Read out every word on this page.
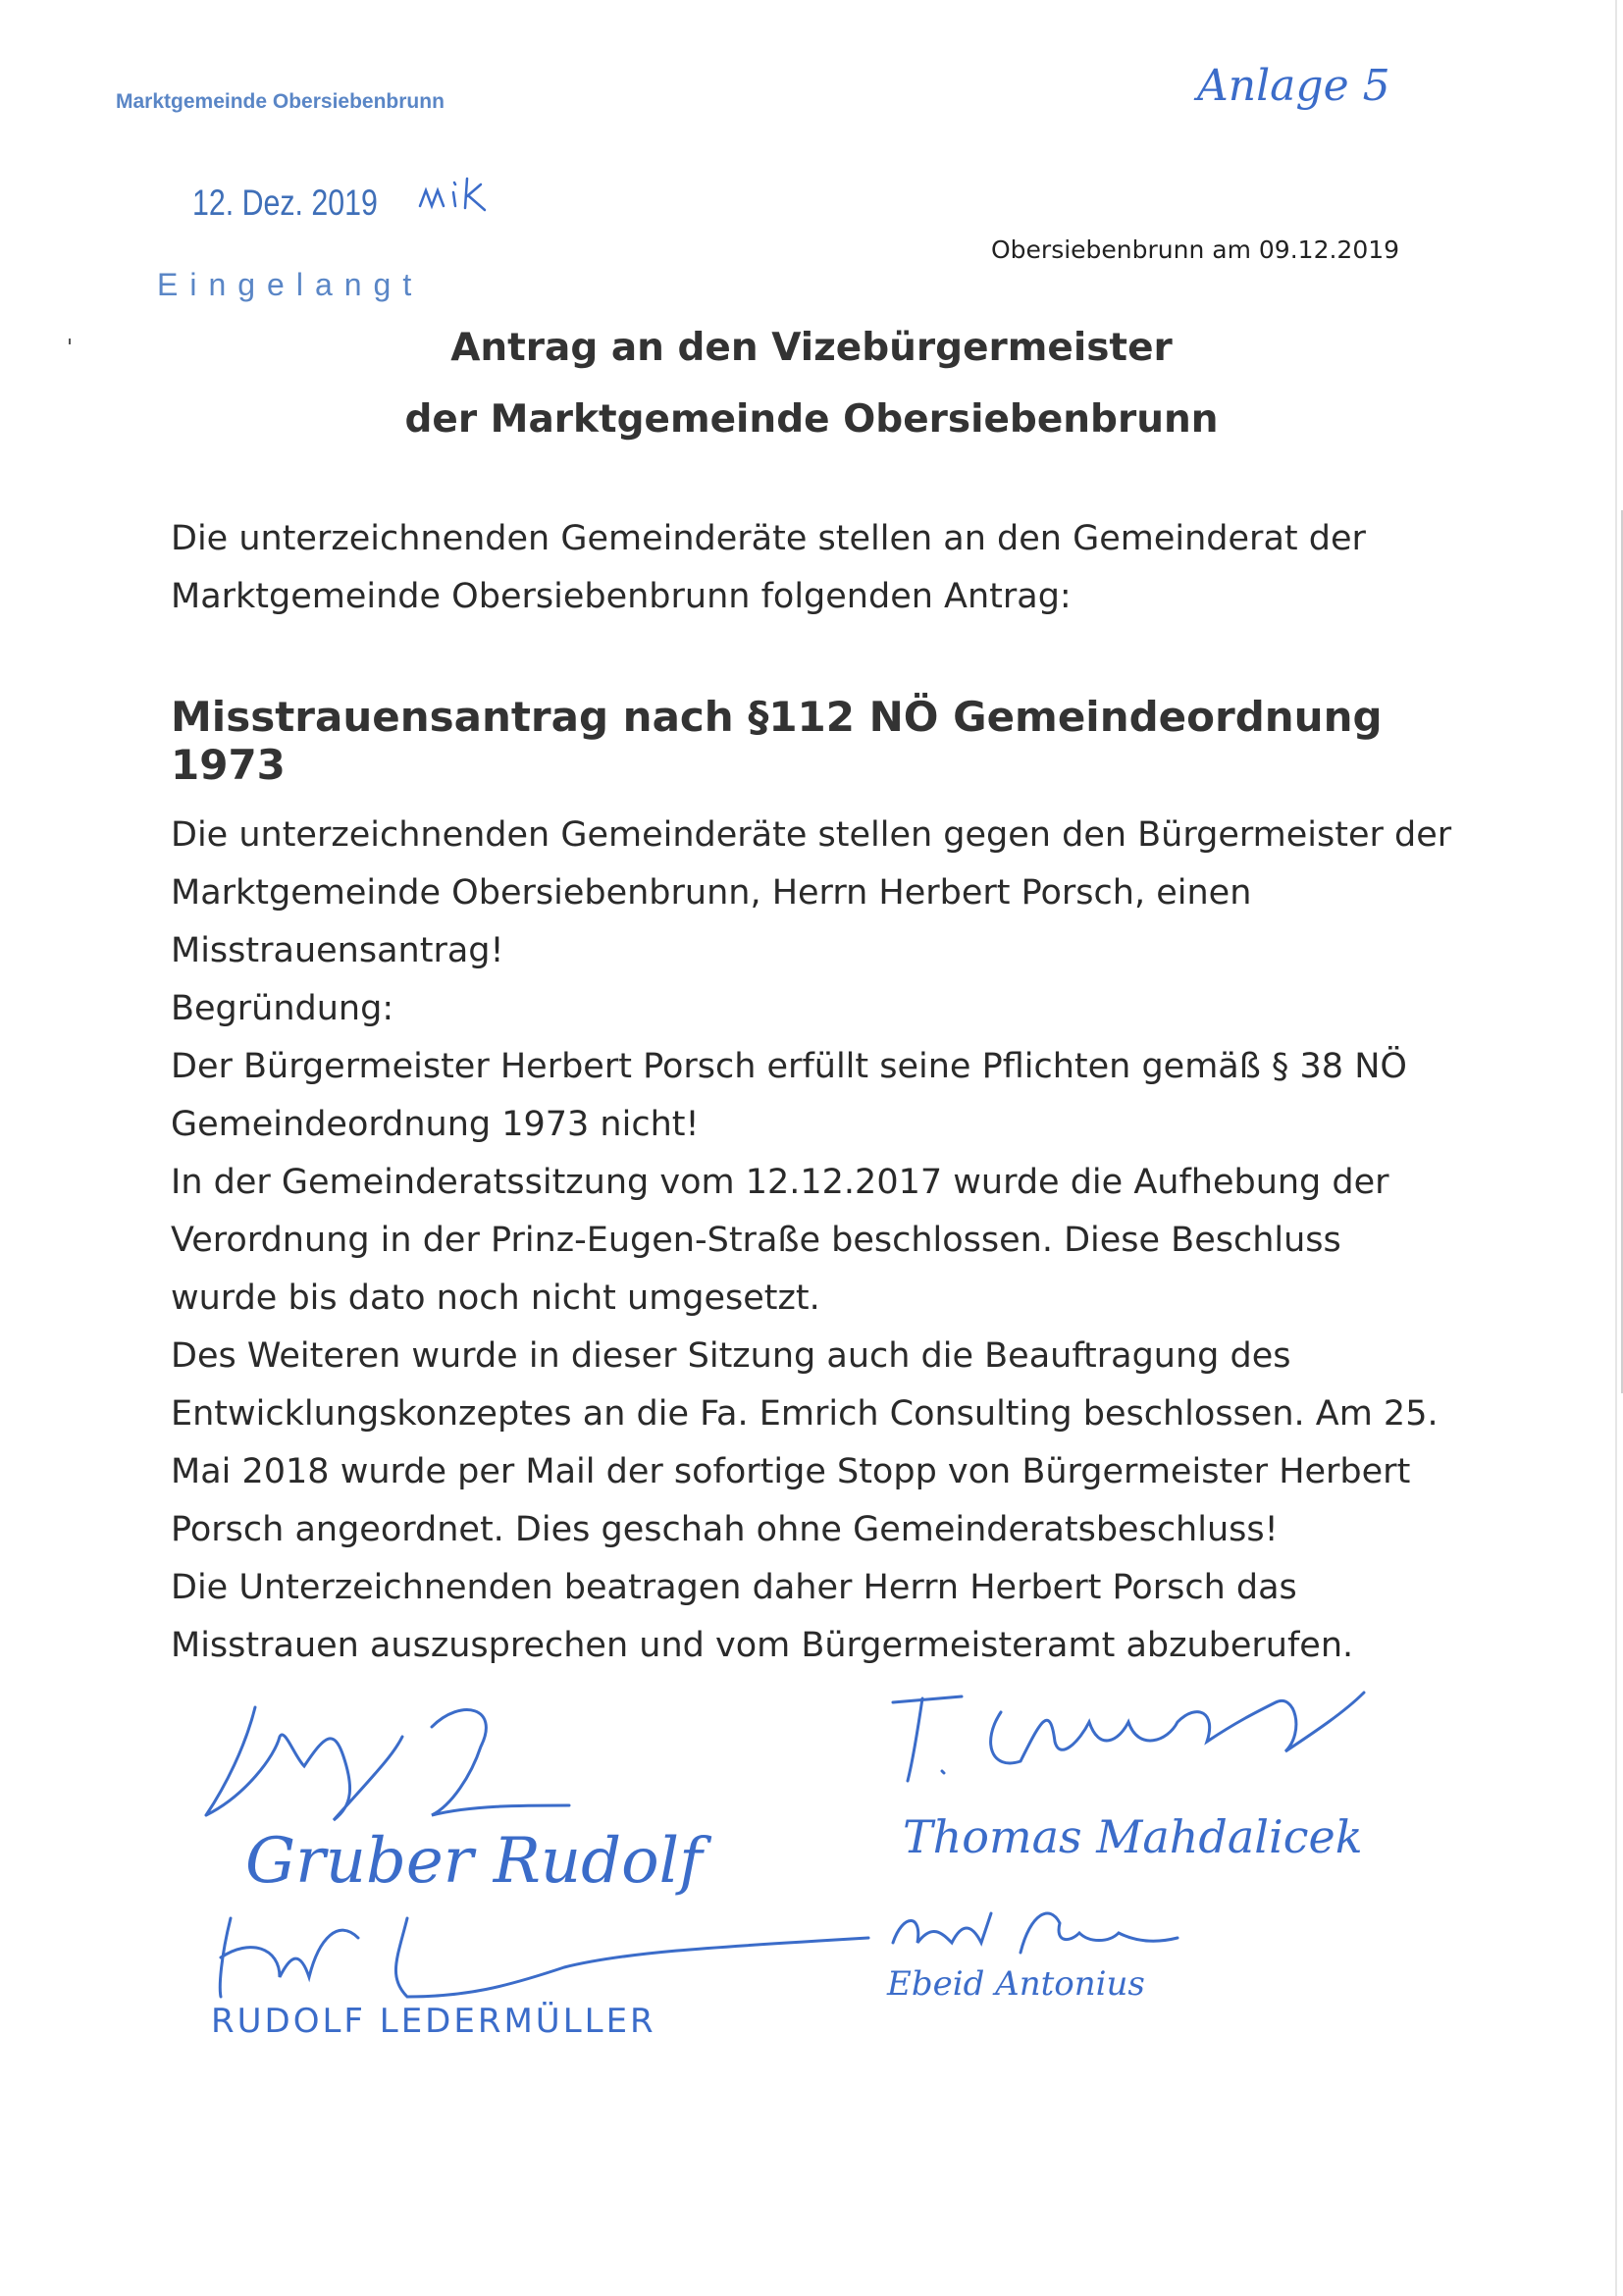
Marktgemeinde Obersiebenbrunn
12. Dez. 2019
Eingelangt
Anlage 5
Obersiebenbrunn am 09.12.2019
Antrag an den Vizebürgermeister
der Marktgemeinde Obersiebenbrunn
Die unterzeichnenden Gemeinderäte stellen an den Gemeinderat der
Marktgemeinde Obersiebenbrunn folgenden Antrag:
Misstrauensantrag nach §112 NÖ Gemeindeordnung 1973
Die unterzeichnenden Gemeinderäte stellen gegen den Bürgermeister der
Marktgemeinde Obersiebenbrunn, Herrn Herbert Porsch, einen
Misstrauensantrag!
Begründung:
Der Bürgermeister Herbert Porsch erfüllt seine Pflichten gemäß § 38 NÖ
Gemeindeordnung 1973 nicht!
In der Gemeinderatssitzung vom 12.12.2017 wurde die Aufhebung der
Verordnung in der Prinz-Eugen-Straße beschlossen. Diese Beschluss
wurde bis dato noch nicht umgesetzt.
Des Weiteren wurde in dieser Sitzung auch die Beauftragung des
Entwicklungskonzeptes an die Fa. Emrich Consulting beschlossen. Am 25.
Mai 2018 wurde per Mail der sofortige Stopp von Bürgermeister Herbert
Porsch angeordnet. Dies geschah ohne Gemeinderatsbeschluss!
Die Unterzeichnenden beatragen daher Herrn Herbert Porsch das
Misstrauen auszusprechen und vom Bürgermeisteramt abzuberufen.
Gruber Rudolf
RUDOLF LEDERMÜLLER
Thomas Mahdalicek
Ebeid Antonius
